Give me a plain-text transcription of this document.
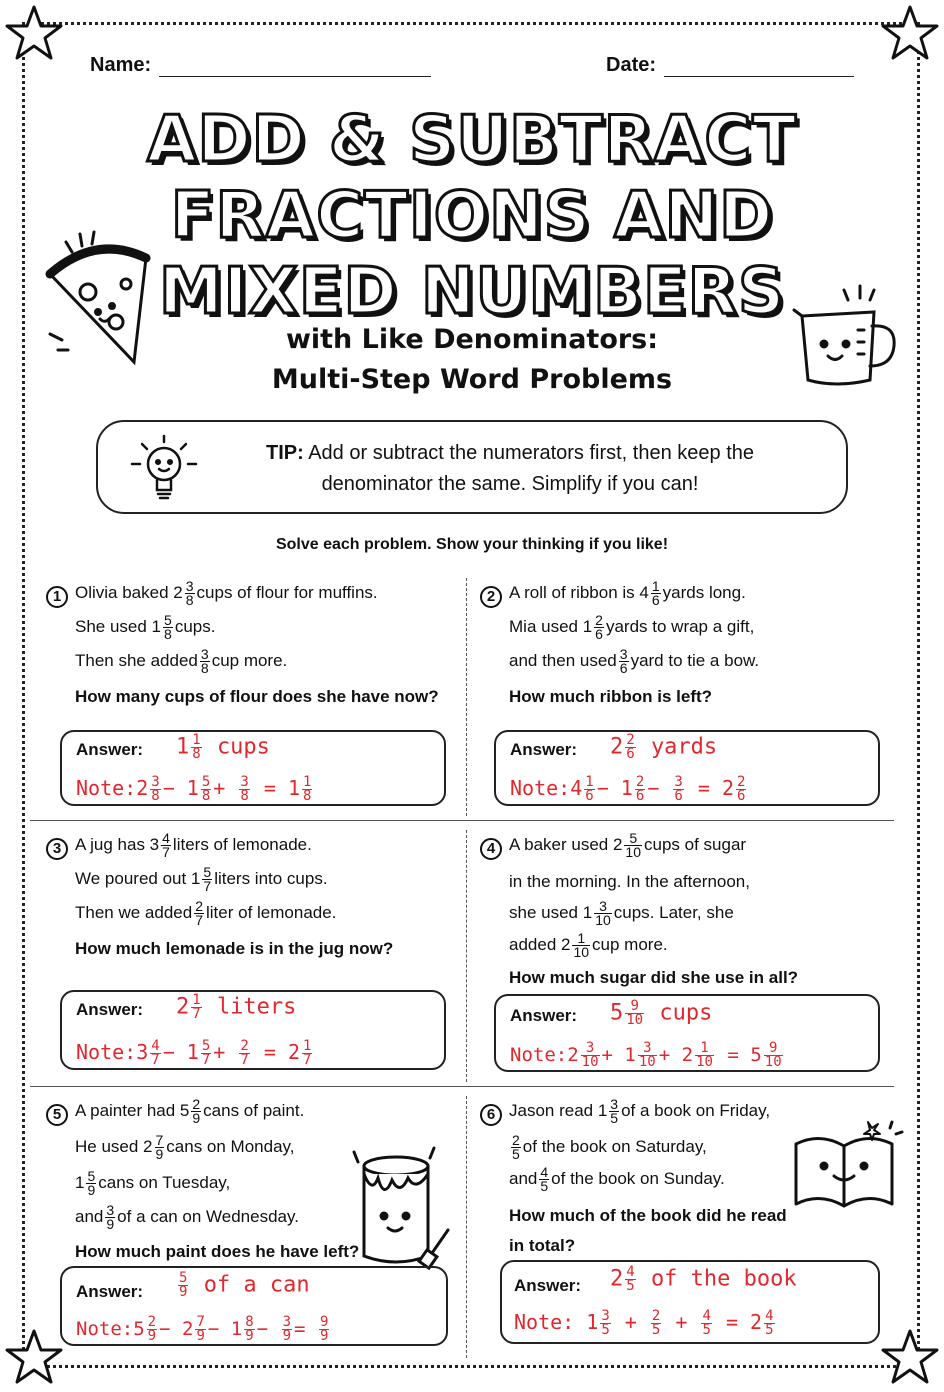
Name:	Date:
ADD & SUBTRACT
FRACTIONS AND
MIXED NUMBERS
with Like Denominators:
Multi-Step Word Problems
TIP: Add or subtract the numerators first, then keep the
denominator the same. Simplify if you can!
Solve each problem. Show your thinking if you like!
1 Olivia baked $2 \frac{3}{8}$ cups of flour for muffins.
She used $1 \frac{5}{8}$ cups.
Then she added $\frac{3}{8}$ cup more.
How many cups of flour does she have now?
Answer: $1 \frac{1}{8}$ cups
Note:2 $\frac{3}{8} - 1 \frac{5}{8} + \frac{3}{8} = 1 \frac{1}{8}$
2 A roll of ribbon is $4 \frac{1}{6}$ yards long.
Mia used $1 \frac{2}{6}$ yards to wrap a gift,
and then used $\frac{3}{6}$ yard to tie a bow.
How much ribbon is left?
Answer: $2 \frac{2}{6}$ yards
Note:4 $\frac{1}{6} - 1 \frac{2}{6} - \frac{3}{6} = 2 \frac{2}{6}$
3 A jug has $3 \frac{4}{7}$ liters of lemonade.
We poured out $1 \frac{5}{7}$ liters into cups.
Then we added $\frac{2}{7}$ liter of lemonade.
How much lemonade is in the jug now?
Answer: $2 \frac{1}{7}$ liters
Note:3 $\frac{4}{7} - 1 \frac{5}{7} + \frac{2}{7} = 2 \frac{1}{7}$
4 A baker used $2 \frac{5}{10}$ cups of sugar
in the morning. In the afternoon,
she used $1 \frac{3}{10}$ cups. Later, she
added $2 \frac{1}{10}$ cup more.
How much sugar did she use in all?
Answer: $5 \frac{9}{10}$ cups
Note:2 $\frac{3}{10} + 1 \frac{3}{10} + 2 \frac{1}{10} = 5 \frac{9}{10}$
5 A painter had $5 \frac{2}{9}$ cans of paint.
He used $2 \frac{7}{9}$ cans on Monday,
$1 \frac{5}{9}$ cans on Tuesday,
and $\frac{3}{9}$ of a can on Wednesday.
How much paint does he have left?
Answer: $\frac{5}{9}$ of a can
Note:5 $\frac{2}{9} - 2 \frac{7}{9} - 1 \frac{8}{9} - \frac{3}{9} = \frac{9}{9}$
6 Jason read $1 \frac{3}{5}$ of a book on Friday,
$\frac{2}{5}$ of the book on Saturday,
and $\frac{4}{5}$ of the book on Sunday.
How much of the book did he read
in total?
Answer: $2 \frac{4}{5}$ of the book
Note: $1 \frac{3}{5} + \frac{2}{5} + \frac{4}{5} = 2 \frac{4}{5}$
